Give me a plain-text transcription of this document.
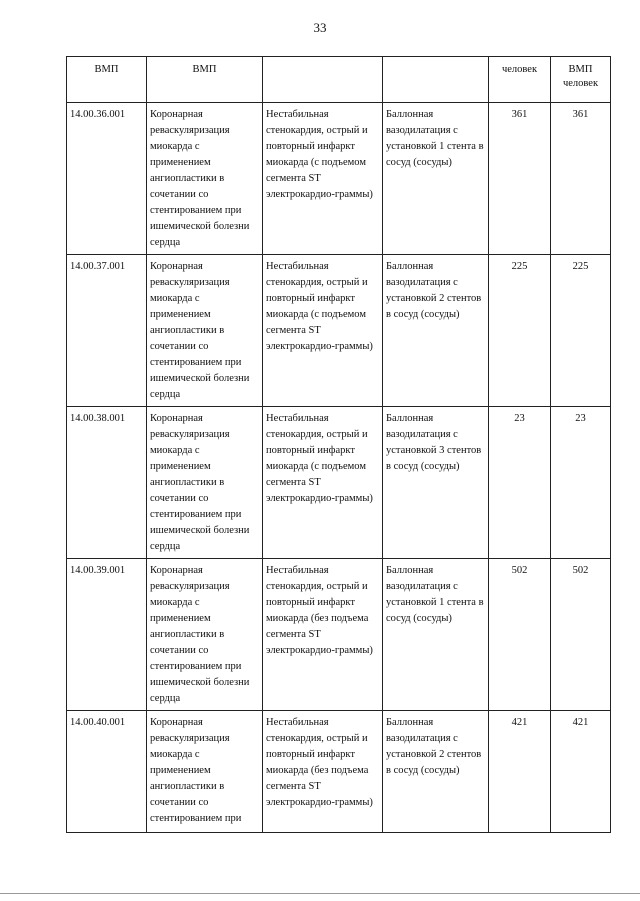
33
ВМП	ВМП			человек	ВМП человек
14.00.36.001	Коронарная реваскуляризация миокарда с применением ангиопластики в сочетании со стентированием при ишемической болезни сердца	Нестабильная стенокардия, острый и повторный инфаркт миокарда (с подъемом сегмента ST электрокардио-граммы)	Баллонная вазодилатация с установкой 1 стента в сосуд (сосуды)	361	361
14.00.37.001	Коронарная реваскуляризация миокарда с применением ангиопластики в сочетании со стентированием при ишемической болезни сердца	Нестабильная стенокардия, острый и повторный инфаркт миокарда (с подъемом сегмента ST электрокардио-граммы)	Баллонная вазодилатация с установкой 2 стентов в сосуд (сосуды)	225	225
14.00.38.001	Коронарная реваскуляризация миокарда с применением ангиопластики в сочетании со стентированием при ишемической болезни сердца	Нестабильная стенокардия, острый и повторный инфаркт миокарда (с подъемом сегмента ST электрокардио-граммы)	Баллонная вазодилатация с установкой 3 стентов в сосуд (сосуды)	23	23
14.00.39.001	Коронарная реваскуляризация миокарда с применением ангиопластики в сочетании со стентированием при ишемической болезни сердца	Нестабильная стенокардия, острый и повторный инфаркт миокарда (без подъема сегмента ST электрокардио-граммы)	Баллонная вазодилатация с установкой 1 стента в сосуд (сосуды)	502	502
14.00.40.001	Коронарная реваскуляризация миокарда с применением ангиопластики в сочетании со стентированием при	Нестабильная стенокардия, острый и повторный инфаркт миокарда (без подъема сегмента ST электрокардио-граммы)	Баллонная вазодилатация с установкой 2 стентов в сосуд (сосуды)	421	421
